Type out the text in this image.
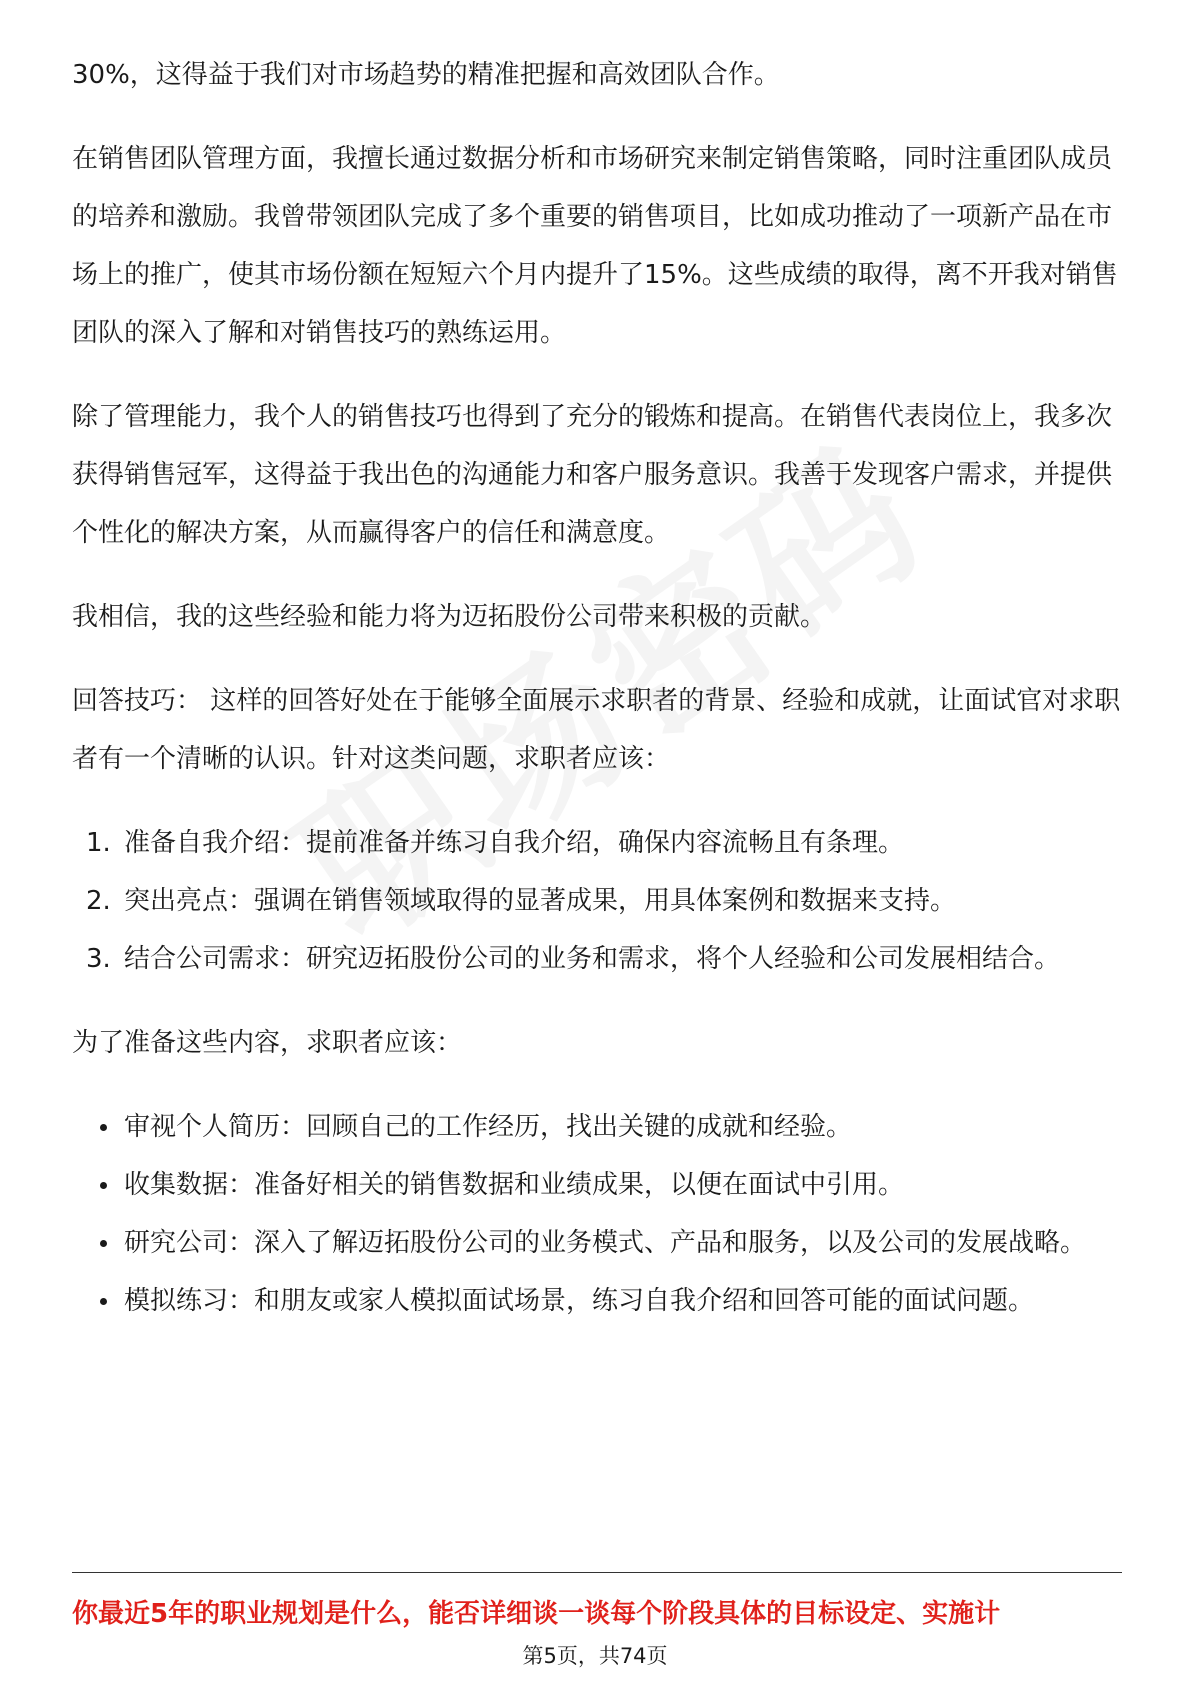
30%，这得益于我们对市场趋势的精准把握和高效团队合作。

在销售团队管理方面，我擅长通过数据分析和市场研究来制定销售策略，同时注重团队成员的培养和激励。我曾带领团队完成了多个重要的销售项目，比如成功推动了一项新产品在市场上的推广，使其市场份额在短短六个月内提升了15%。这些成绩的取得，离不开我对销售团队的深入了解和对销售技巧的熟练运用。

除了管理能力，我个人的销售技巧也得到了充分的锻炼和提高。在销售代表岗位上，我多次获得销售冠军，这得益于我出色的沟通能力和客户服务意识。我善于发现客户需求，并提供个性化的解决方案，从而赢得客户的信任和满意度。

我相信，我的这些经验和能力将为迈拓股份公司带来积极的贡献。

回答技巧： 这样的回答好处在于能够全面展示求职者的背景、经验和成就，让面试官对求职者有一个清晰的认识。针对这类问题，求职者应该：

1. 准备自我介绍：提前准备并练习自我介绍，确保内容流畅且有条理。
2. 突出亮点：强调在销售领域取得的显著成果，用具体案例和数据来支持。
3. 结合公司需求：研究迈拓股份公司的业务和需求，将个人经验和公司发展相结合。

为了准备这些内容，求职者应该：

审视个人简历：回顾自己的工作经历，找出关键的成就和经验。
收集数据：准备好相关的销售数据和业绩成果，以便在面试中引用。
研究公司：深入了解迈拓股份公司的业务模式、产品和服务，以及公司的发展战略。
模拟练习：和朋友或家人模拟面试场景，练习自我介绍和回答可能的面试问题。
你最近5年的职业规划是什么，能否详细谈一谈每个阶段具体的目标设定、实施计
第5页，共74页
